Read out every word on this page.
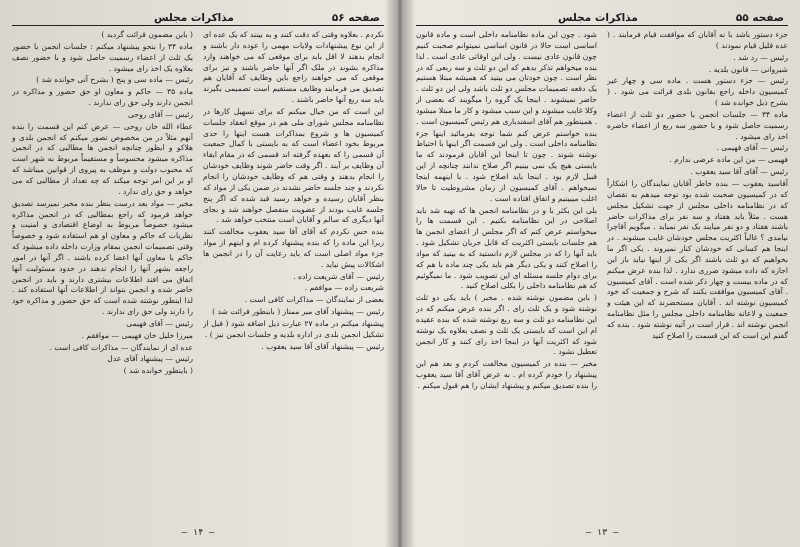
صفحه ۵۶
مذاکرات مجلس

نکردم . بعلاوه وقتی که دقت کنند و به بینند که یک عده ای از این نوع پیشنهادات ولایات مهمی را عوده دار باشند و انجام بدهند لا اقل باید برای موقعی که می خواهند وارد مذاکره بشوند در ملک اگر آنها حاضر باشند و نیز برای موقعی که می خواهند راجع باین وظایف که آقایان هم تصدیق می فرمایند وظایف مستقیم است تصمیمی بگیرند باید سه ربع آنها حاضر باشند .

این است که من خیال میکنم که برای تسهیل کارها در نظامنامه مجلس شورای ملی هم در موقع انعقاد جلسات کمیسیون ها و شروع بمذاکرات هست اینها را حدی مربوط بخود اعضاء است که به بایستی با کمال جمعیت آن قسمی را که بعهده گرفته اند قسمی که در مقام ابقاء آن وظایف بر آیند . اگر وقت حاضر شوند وظایف خودشان را انجام بدهند و وقتی هم که وظایف خودشان را انجام نکردند و چند جلسه حاضر نشدند در ضمن یکی از مواد که بنظر آقایان رسیده و خواهد رسید قید شده که اگر پنج جلسه غایب بودند از عضویت منفصل خواهند شد و بجای آنها دیگری که سالم و آقایان است منتخب خواهد شد .

بنده حس نکردم که آقای آقا سید یعقوب مخالفت کنند زیرا این ماده را که بنده پیشنهاد کرده ام و اینهم از مواد جزء مواد اصلی است که باید رعایت آن را در انجمن ها اشکالات پیش نیاید .

رئیس — آقای شریعت زاده .

شریعت زاده — موافقم .

بعضی از نمایندگان — مذاکرات کافی است .

رئیس — پیشنهاد آقای میر ممتاز ( باینطور قرائت شد )

پیشنهاد میکنم در ماده ۲۷ عبارت ذیل اضافه شود ( قبل از تشکیل انجمن بلدی در اداره بلدیه و جلسات انجمن نیز ) .

رئیس — پیشنهاد آقای آقا سید یعقوب .

( باین مضمون قرائت گردید )

ماده ۳۴ را بنحو پیشنهاد میکنم : جلسات انجمن با حضور یک ثلث از اعضاء رسمیت حاصل شود و با حضور نصف بعلاوه یک اخذ رای میشود .

رئیس — ماده سی و پنج ( بشرح آتی خوانده شد )

ماده ۳۵ — حاکم و معاون او حق حضور و مذاکره در انجمن دارند ولی حق رای ندارند .

رئیس — آقای روحی

عطاء الله خان روحی — عرض کنم این قسمت را بنده آنهم مثلاً در من مخصوص تصور میکنم که انجمن بلدی و هلاکو و ایطور چنانچه انجمن ها مطالبی که در انجمن مذاکره میشود محسوساً و مستقیماً مربوط به شهر است که محبوب دولت و موظف به پیروی از قوانین میباشد که او بر این امر توجه میکند که چه تعداد از مطالبی که می خواهد و حق رای ندارد .

مخبر — مواد بعد درست بنظر بنده مخبر نمیرسد تصدیق خواهد فرمود که راجع بمطالبی که در انجمن مذاکره میشود خصوصاً مربوط به اوضاع اقتصادی و امنیت و نظریات که حاکم و معاون او هم استفاده شود و خصوصاً وقتی تصمیمات انجمن بمقام وزارت داخله داده میشود که حاکم یا معاون آنها اعضا کرده باشند . اگر آنها در امور راجعه بشهر آنها را انجام ندهند در حدود مسئولیت آنها اتفاق می افتد اطلاعات بیشتری دارند و باید در انجمن حاضر شده و انجمن بتواند از اطلاعات آنها استفاده کند . لذا اینطور نوشته شده است که حق حضور و مذاکره خود را دارند ولی حق رای ندارند .

رئیس — آقای فهیمی

میرزا خلیل خان فهیمی — موافقم .

عده ای از نمایندگان — مذاکرات کافی است .

رئیس — پیشنهاد آقای عدل

( باینطور خوانده شد )

— ۱۴ —
صفحه ۵۵
مذاکرات مجلس

جزء دستور باشد با نه آقایان که موافقت قیام فرمایند . ( عده قلیل قیام نمودند )

رئیس — رد شد .

شیروانی — قانون بلدیه .

رئیس — جزء دستور هست . ماده سی و چهار غیر کمیسیون داخله راجع بقانون بلدی قرائت می شود . ( بشرح ذیل خوانده شد )

ماده ۳۴ — جلسات انجمن با حضور دو ثلث از اعضاء رسمیت حاصل شود و با حضور سه ربع از اعضاء حاضره اخذ رای میشود .

رئیس — آقای فهیمی .

فهیمی — من این ماده عرضی ندارم .

رئیس — آقای آقا سید یعقوب .

آقاسید یعقوب — بنده خاطر آقایان نمایندگان را اشکاراً که در کمیسیون صحبت شده بود توجه میدهم به تقصان که در نظامنامه داخلی مجلس از جهت تشکیل مجلس هست . مثلاً باید هفتاد و سه نفر برای مذاکرات حاضر باشند هفتاد و دو نفر میایند یک نفر نمیاید . میگویم آقاچرا نیامدی ؟ غالباً اکثریت مجلس خودشان غایب میشوند . در اینجا هم کسانی که خودشان کنار نمیروند . یکی اگر ما بخواهیم که دو ثلث باشند اگر یکی از اینها نیاید باز این اجازه که داده میشود ضرری ندارد . لذا بنده عرض میکنم که در ماده بیست و چهار ذکر شده است . آقای کمیسیون . آقای کمیسیون موافقت بکنند که شرح و جمعیت که خود کمیسیون نوشته اند . آقایان مستحضرند که این هیئت و جمعیت و لاعانه نظامنامه داخلی مجلس را مثل نظامنامه انجمن نوشته اند . قرار است در آتیه نوشته شود . بنده که گفتم این است که این قسمت را اصلاح کنید

شود . چون این ماده نظامنامه داخلی است و ماده قانون اساسی است حالا در قانون اساسی نمیتوانم صحبت کنیم چون قانون عادی نیست . ولی این اوقاتی عادی است . لذا بنده میخواهم تذکر بدهم که این دو ثلث و سه ربعی که در نظر است . چون خودتان می بینید که همیشه مبتلا هستیم یک دفعه تصمیمات مجلس دو ثلث باشد ولی این دو ثلث . حاضر نمیشوند . اینجا یک گروه را میگویند که بعضی از وکلا غایب میشوند و این سبب میشود و کار ما مبتلا میشود . همینطور هم آقای اسفندیاری هم رئیس کمیسیون است .

بنده خواستم عرض کنم شما توجه بفرمائید اینها جزء نظامنامه داخلی است . ولی این قسمت اگر اینها با احتیاط نوشته شوند . چون تا اینجا این آقایان فرمودند که ما بایستی هیچ یک نمی بینیم اگر صلاح ندانند چنانچه از این قبیل لازم بود . اینجا باید اصلاح شود . با اینهمه اینجا نمیخواهم . آقای کمیسیون از زمان مشروطیت تا حالا اغلب میبینیم و اتفاق افتاده است .

بلی این بکثر با و در نظامنامه انجمن ها که تهیه شد باید اصلاحی در این نظامنامه بکنیم . این قسمت ها را میخواستم عرض کنم که اگر مجلس از اعضای انجمن ها هم جلسات بایستی اکثریت که قابل جریان تشکیل شود . باید آنها را که در مجلس لازم دانستید که به بینید که مواد را اصلاح کنند و یکی دیگر هم باید یکی چند ماده با هم که برای دوام جلسه مسئله ای این تصویب شود . ما نمیگوئیم که هم نظامنامه داخلی را بکلی اصلاح کنید .

( باین مضمون نوشته شده . مخبر ) باید یکی دو ثلث نوشته شود و یک ثلث رای . اگر بنده عرض میکنم که در این نظامنامه دو ثلث و سه ربع نوشته شده که بنده عقیده ام این است که بایستی یک ثلث و نصف بعلاوه یک نوشته شود که اکثریت آنها در اینجا اخذ رای کنند و کار انجمن تعطیل نشود .

مخبر — بنده در کمیسیون مخالفت کردم و بعد هم این پیشنهاد را خودم کرده ام . به عرض آقای آقا سید یعقوب را بنده تصدیق میکنم و پیشنهاد ایشان را هم قبول میکنم .

— ۱۳ —
